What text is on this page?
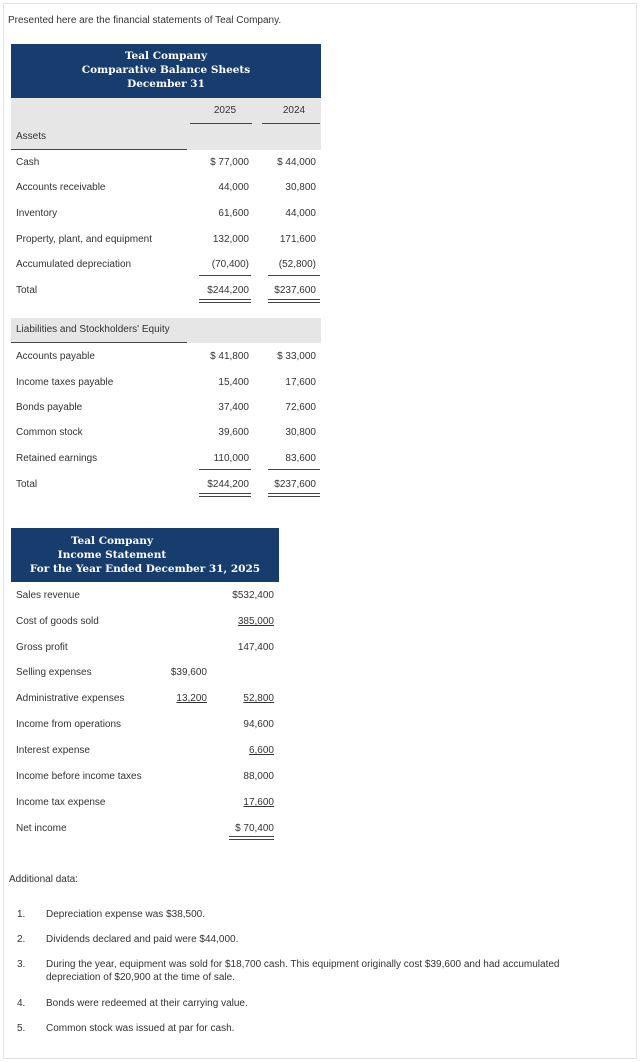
Presented here are the financial statements of Teal Company.
Teal Company
Comparative Balance Sheets
December 31
2025	2024
Assets
Cash	$ 77,000	$ 44,000
Accounts receivable	44,000	30,800
Inventory	61,600	44,000
Property, plant, and equipment	132,000	171,600
Accumulated depreciation	(70,400)	(52,800)
Total	$244,200	$237,600
Liabilities and Stockholders' Equity
Accounts payable	$ 41,800	$ 33,000
Income taxes payable	15,400	17,600
Bonds payable	37,400	72,600
Common stock	39,600	30,800
Retained earnings	110,000	83,600
Total	$244,200	$237,600
Teal Company
Income Statement
For the Year Ended December 31, 2025
Sales revenue	$532,400
Cost of goods sold	385,000
Gross profit	147,400
Selling expenses	$39,600
Administrative expenses	13,200	52,800
Income from operations	94,600
Interest expense	6,600
Income before income taxes	88,000
Income tax expense	17,600
Net income	$ 70,400
Additional data:
1. Depreciation expense was $38,500.
2. Dividends declared and paid were $44,000.
3. During the year, equipment was sold for $18,700 cash. This equipment originally cost $39,600 and had accumulated depreciation of $20,900 at the time of sale.
4. Bonds were redeemed at their carrying value.
5. Common stock was issued at par for cash.
